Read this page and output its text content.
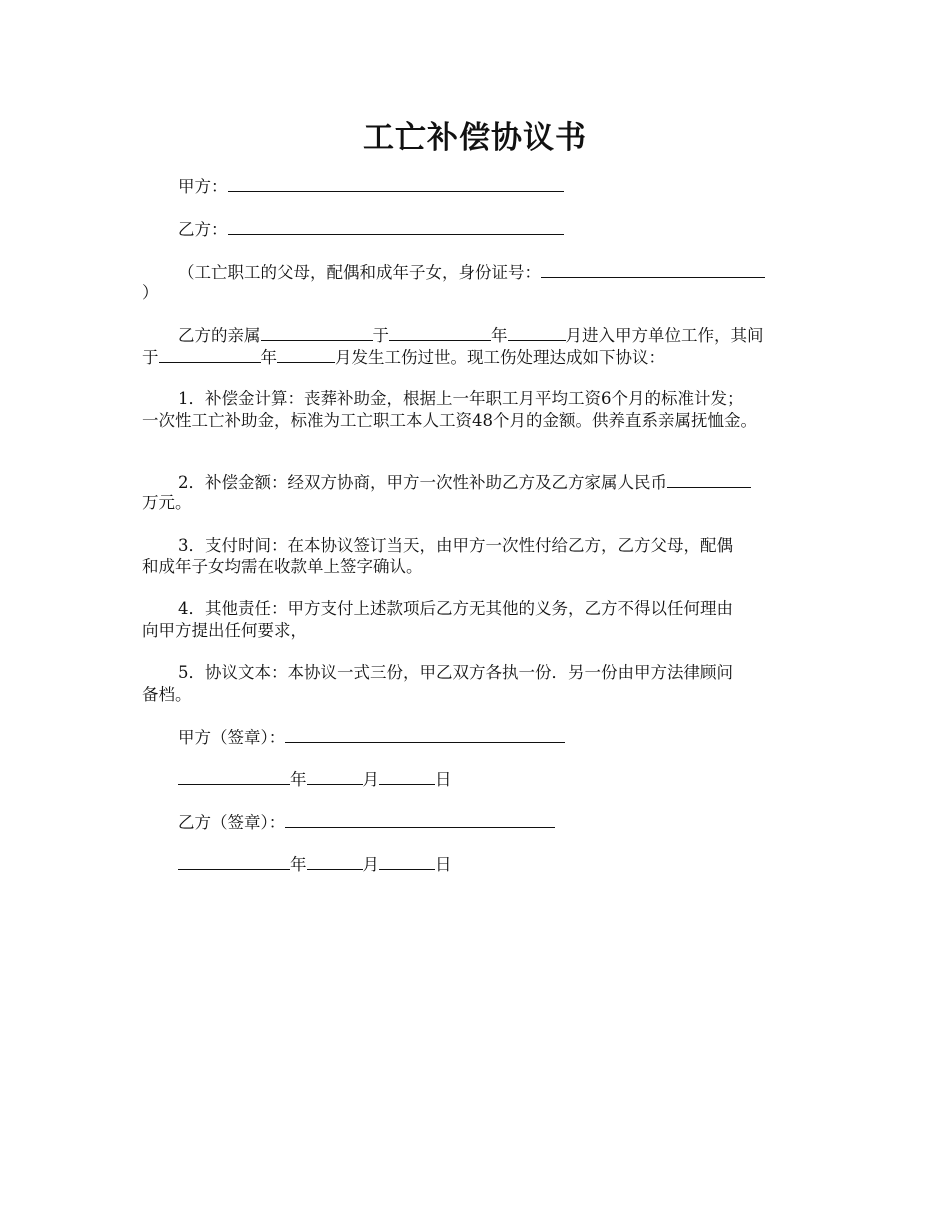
工亡补偿协议书
甲方：
乙方：
（工亡职工的父母，配偶和成年子女，身份证号：
）
乙方的亲属	于	年	月进入甲方单位工作，其间
于	年	月发生工伤过世。现工伤处理达成如下协议：
1．补偿金计算：丧葬补助金，根据上一年职工月平均工资6个月的标准计发；
一次性工亡补助金，标准为工亡职工本人工资48个月的金额。供养直系亲属抚恤金。
2．补偿金额：经双方协商，甲方一次性补助乙方及乙方家属人民币
万元。
3．支付时间：在本协议签订当天，由甲方一次性付给乙方，乙方父母，配偶
和成年子女均需在收款单上签字确认。
4．其他责任：甲方支付上述款项后乙方无其他的义务，乙方不得以任何理由
向甲方提出任何要求，
5．协议文本：本协议一式三份，甲乙双方各执一份．另一份由甲方法律顾问
备档。
甲方（签章）：
年	月	日
乙方（签章）：
年	月	日
